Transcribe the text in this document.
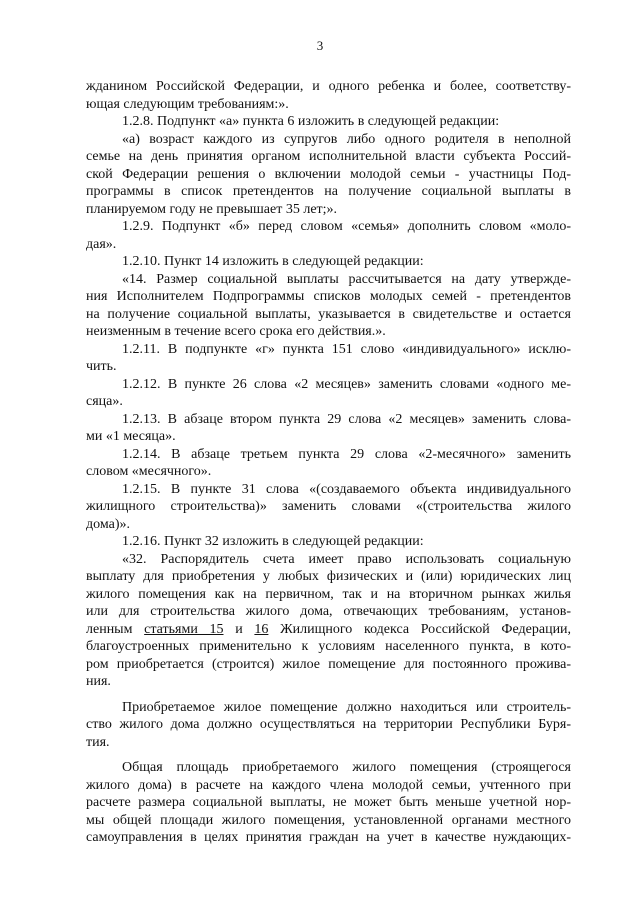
3

жданином Российской Федерации, и одного ребенка и более, соответству-

ющая следующим требованиям:».

1.2.8. Подпункт «а» пункта 6 изложить в следующей редакции:

«а) возраст каждого из супругов либо одного родителя в неполной

семье на день принятия органом исполнительной власти субъекта Россий-

ской Федерации решения о включении молодой семьи - участницы Под-

программы в список претендентов на получение социальной выплаты в

планируемом году не превышает 35 лет;».

1.2.9. Подпункт «б» перед словом «семья» дополнить словом «моло-

дая».

1.2.10. Пункт 14 изложить в следующей редакции:

«14. Размер социальной выплаты рассчитывается на дату утвержде-

ния Исполнителем Подпрограммы списков молодых семей - претендентов

на получение социальной выплаты, указывается в свидетельстве и остается

неизменным в течение всего срока его действия.».

1.2.11. В подпункте «г» пункта 151 слово «индивидуального» исклю-

чить.

1.2.12. В пункте 26 слова «2 месяцев» заменить словами «одного ме-

сяца».

1.2.13. В абзаце втором пункта 29 слова «2 месяцев» заменить слова-

ми «1 месяца».

1.2.14. В абзаце третьем пункта 29 слова «2-месячного» заменить

словом «месячного».

1.2.15. В пункте 31 слова «(создаваемого объекта индивидуального

жилищного строительства)» заменить словами «(строительства жилого

дома)».

1.2.16. Пункт 32 изложить в следующей редакции:

«32. Распорядитель счета имеет право использовать социальную

выплату для приобретения у любых физических и (или) юридических лиц

жилого помещения как на первичном, так и на вторичном рынках жилья

или для строительства жилого дома, отвечающих требованиям, установ-

ленным статьями 15 и 16 Жилищного кодекса Российской Федерации,

благоустроенных применительно к условиям населенного пункта, в кото-

ром приобретается (строится) жилое помещение для постоянного прожива-

ния.

Приобретаемое жилое помещение должно находиться или строитель-

ство жилого дома должно осуществляться на территории Республики Буря-

тия.

Общая площадь приобретаемого жилого помещения (строящегося

жилого дома) в расчете на каждого члена молодой семьи, учтенного при

расчете размера социальной выплаты, не может быть меньше учетной нор-

мы общей площади жилого помещения, установленной органами местного

самоуправления в целях принятия граждан на учет в качестве нуждающих-
